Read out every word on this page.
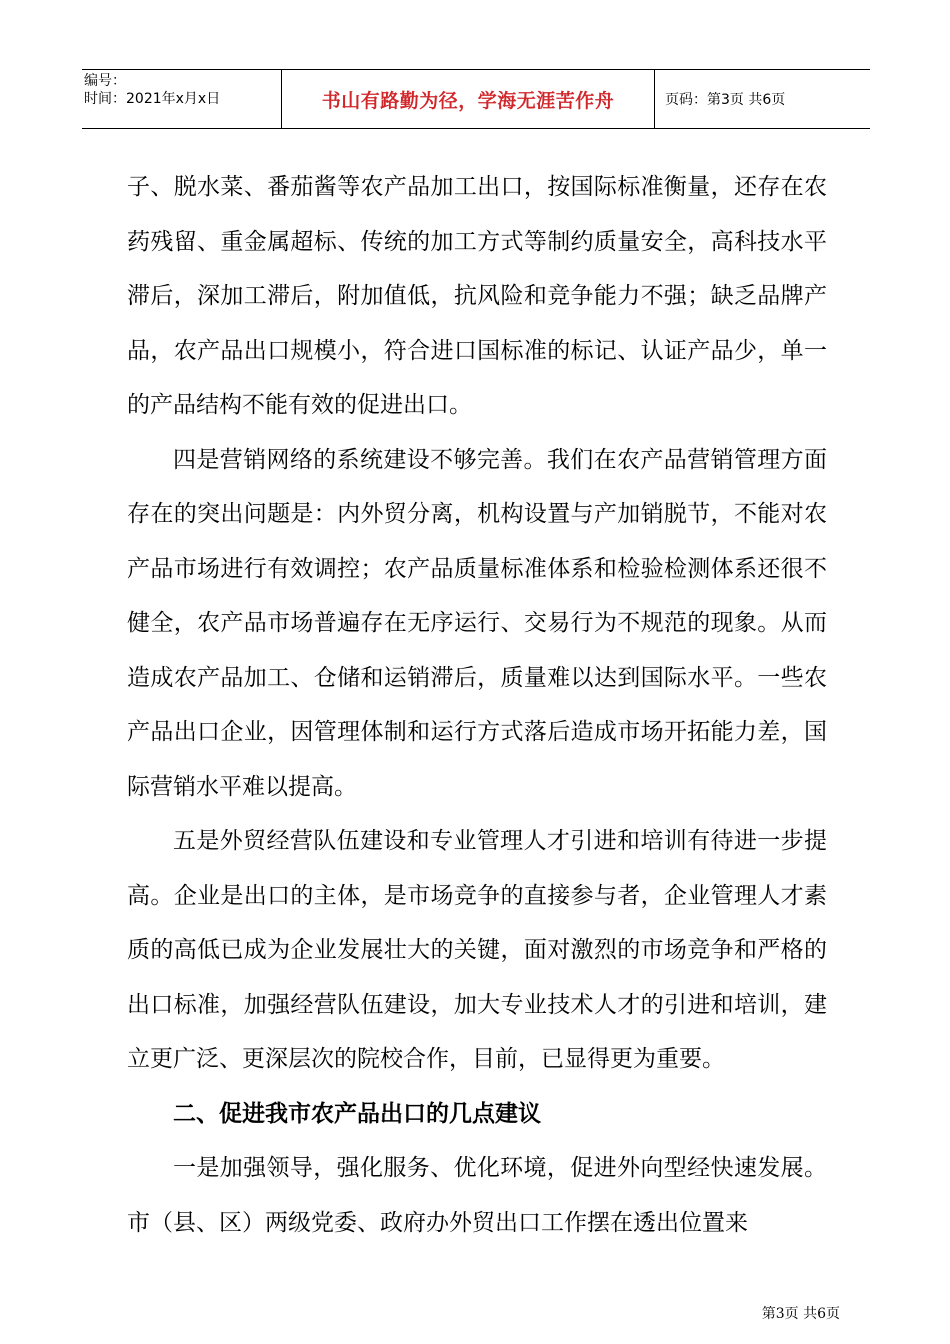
编号：
时间：2021年x月x日	书山有路勤为径，学海无涯苦作舟	页码：第3页 共6页

子、脱水菜、番茄酱等农产品加工出口，按国际标准衡量，还存在农药残留、重金属超标、传统的加工方式等制约质量安全，高科技水平滞后，深加工滞后，附加值低，抗风险和竞争能力不强；缺乏品牌产品，农产品出口规模小，符合进口国标准的标记、认证产品少，单一的产品结构不能有效的促进出口。

四是营销网络的系统建设不够完善。我们在农产品营销管理方面存在的突出问题是：内外贸分离，机构设置与产加销脱节，不能对农产品市场进行有效调控；农产品质量标准体系和检验检测体系还很不健全，农产品市场普遍存在无序运行、交易行为不规范的现象。从而造成农产品加工、仓储和运销滞后，质量难以达到国际水平。一些农产品出口企业，因管理体制和运行方式落后造成市场开拓能力差，国际营销水平难以提高。

五是外贸经营队伍建设和专业管理人才引进和培训有待进一步提高。企业是出口的主体，是市场竞争的直接参与者，企业管理人才素质的高低已成为企业发展壮大的关键，面对激烈的市场竞争和严格的出口标准，加强经营队伍建设，加大专业技术人才的引进和培训，建立更广泛、更深层次的院校合作，目前，已显得更为重要。

二、促进我市农产品出口的几点建议

一是加强领导，强化服务、优化环境，促进外向型经快速发展。市（县、区）两级党委、政府办外贸出口工作摆在透出位置来

第3页 共6页
